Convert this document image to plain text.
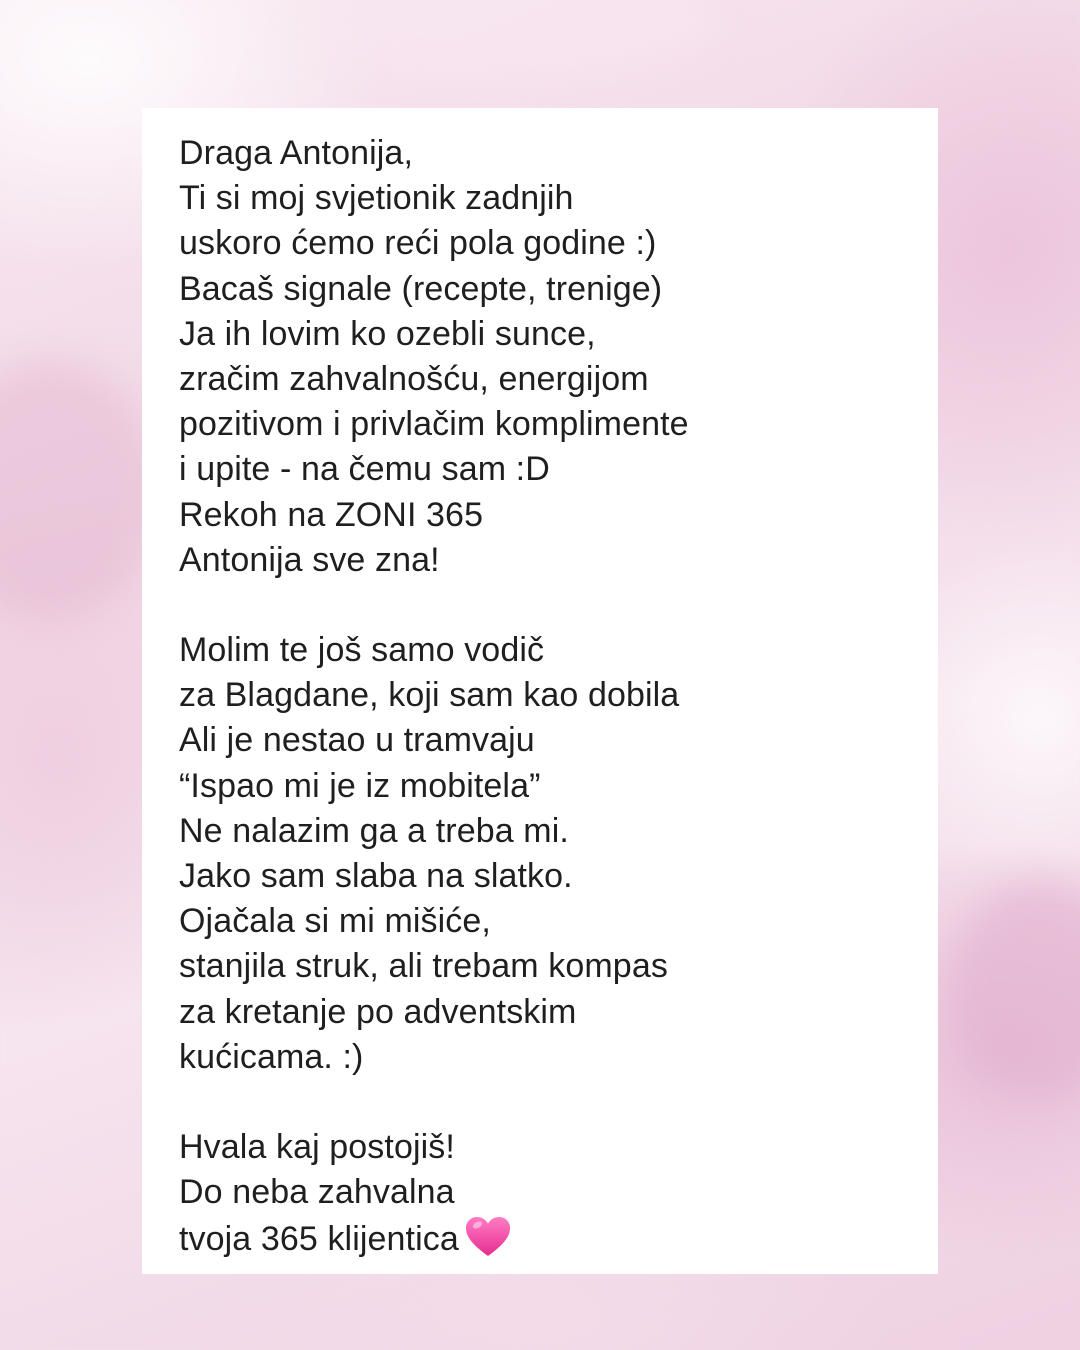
Draga Antonija,
Ti si moj svjetionik zadnjih
uskoro ćemo reći pola godine :)
Bacaš signale (recepte, trenige)
Ja ih lovim ko ozebli sunce,
zračim zahvalnošću, energijom
pozitivom i privlačim komplimente
i upite - na čemu sam :D
Rekoh na ZONI 365
Antonija sve zna!
Molim te još samo vodič
za Blagdane, koji sam kao dobila
Ali je nestao u tramvaju
“Ispao mi je iz mobitela”
Ne nalazim ga a treba mi.
Jako sam slaba na slatko.
Ojačala si mi mišiće,
stanjila struk, ali trebam kompas
za kretanje po adventskim
kućicama. :)
Hvala kaj postojiš!
Do neba zahvalna
tvoja 365 klijentica
